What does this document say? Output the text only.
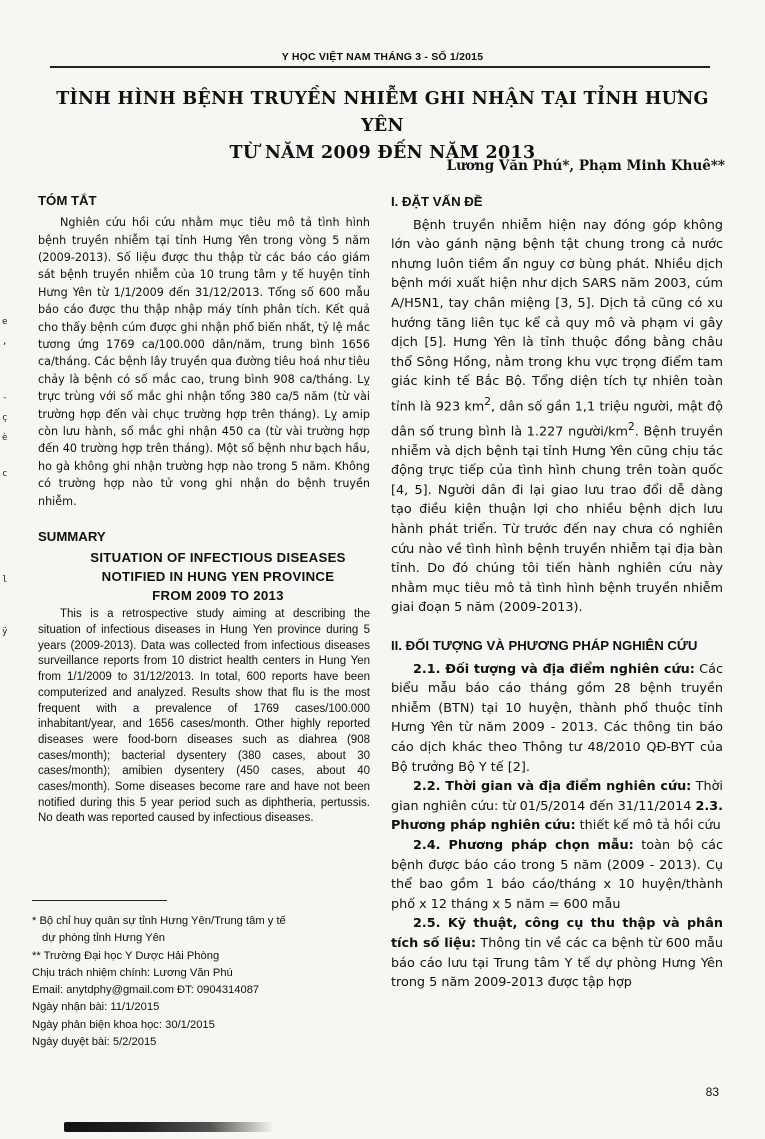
Y HỌC VIỆT NAM THÁNG 3 - SỐ 1/2015
TÌNH HÌNH BỆNH TRUYỀN NHIỄM GHI NHẬN TẠI TỈNH HƯNG YÊN
TỪ NĂM 2009 ĐẾN NĂM 2013
Lương Văn Phú*, Phạm Minh Khuê**
TÓM TẮT

Nghiên cứu hồi cứu nhằm mục tiêu mô tả tình hình bệnh truyền nhiễm tại tỉnh Hưng Yên trong vòng 5 năm (2009-2013). Số liệu được thu thập từ các báo cáo giám sát bệnh truyền nhiễm của 10 trung tâm y tế huyện tỉnh Hưng Yên từ 1/1/2009 đến 31/12/2013. Tổng số 600 mẫu báo cáo được thu thập nhập máy tính phân tích. Kết quả cho thấy bệnh cúm được ghi nhận phổ biến nhất, tỷ lệ mắc tương ứng 1769 ca/100.000 dân/năm, trung bình 1656 ca/tháng. Các bệnh lây truyền qua đường tiêu hoá như tiêu chảy là bệnh có số mắc cao, trung bình 908 ca/tháng. Lỵ trực trùng với số mắc ghi nhận tổng 380 ca/5 năm (từ vài trường hợp đến vài chục trường hợp trên tháng). Lỵ amip còn lưu hành, số mắc ghi nhận 450 ca (từ vài trường hợp đến 40 trường hợp trên tháng). Một số bệnh như bạch hầu, ho gà không ghi nhận trường hợp nào trong 5 năm. Không có trường hợp nào tử vong ghi nhận do bệnh truyền nhiễm.

SUMMARY
SITUATION OF INFECTIOUS DISEASES
NOTIFIED IN HUNG YEN PROVINCE
FROM 2009 TO 2013

This is a retrospective study aiming at describing the situation of infectious diseases in Hung Yen province during 5 years (2009-2013). Data was collected from infectious diseases surveillance reports from 10 district health centers in Hung Yen from 1/1/2009 to 31/12/2013. In total, 600 reports have been computerized and analyzed. Results show that flu is the most frequent with a prevalence of 1769 cases/100.000 inhabitant/year, and 1656 cases/month. Other highly reported diseases were food-born diseases such as diahrea (908 cases/month); bacterial dysentery (380 cases, about 30 cases/month); amibien dysentery (450 cases, about 40 cases/month). Some diseases become rare and have not been notified during this 5 year period such as diphtheria, pertussis. No death was reported caused by infectious diseases.

* Bộ chỉ huy quân sự tỉnh Hưng Yên/Trung tâm y tế
dự phòng tỉnh Hưng Yên
** Trường Đại học Y Dược Hải Phòng
Chịu trách nhiệm chính: Lương Văn Phú
Email: anytdphy@gmail.com ĐT: 0904314087
Ngày nhận bài: 11/1/2015
Ngày phản biện khoa học: 30/1/2015
Ngày duyệt bài: 5/2/2015
I. ĐẶT VẤN ĐỀ

Bệnh truyền nhiễm hiện nay đóng góp không lớn vào gánh nặng bệnh tật chung trong cả nước nhưng luôn tiềm ẩn nguy cơ bùng phát. Nhiều dịch bệnh mới xuất hiện như dịch SARS năm 2003, cúm A/H5N1, tay chân miệng [3, 5]. Dịch tả cũng có xu hướng tăng liên tục kể cả quy mô và phạm vi gây dịch [5]. Hưng Yên là tỉnh thuộc đồng bằng châu thổ Sông Hồng, nằm trong khu vực trọng điểm tam giác kinh tế Bắc Bộ. Tổng diện tích tự nhiên toàn tỉnh là 923 $km^2$, dân số gần 1,1 triệu người, mật độ dân số trung bình là 1.227 người/$km^2$. Bệnh truyền nhiễm và dịch bệnh tại tỉnh Hưng Yên cũng chịu tác động trực tiếp của tình hình chung trên toàn quốc [4, 5]. Người dân đi lại giao lưu trao đổi dễ dàng tạo điều kiện thuận lợi cho nhiều bệnh dịch lưu hành phát triển. Từ trước đến nay chưa có nghiên cứu nào về tình hình bệnh truyền nhiễm tại địa bàn tỉnh. Do đó chúng tôi tiến hành nghiên cứu này nhằm mục tiêu mô tả tình hình bệnh truyền nhiễm giai đoạn 5 năm (2009-2013).

II. ĐỐI TƯỢNG VÀ PHƯƠNG PHÁP NGHIÊN CỨU

2.1. Đối tượng và địa điểm nghiên cứu: Các biểu mẫu báo cáo tháng gồm 28 bệnh truyền nhiễm (BTN) tại 10 huyện, thành phố thuộc tỉnh Hưng Yên từ năm 2009 - 2013. Các thông tin báo cáo dịch khác theo Thông tư 48/2010 QĐ-BYT của Bộ trưởng Bộ Y tế [2].

2.2. Thời gian và địa điểm nghiên cứu: Thời gian nghiên cứu: từ 01/5/2014 đến 31/11/2014 2.3. Phương pháp nghiên cứu: thiết kế mô tả hồi cứu

2.4. Phương pháp chọn mẫu: toàn bộ các bệnh được báo cáo trong 5 năm (2009 - 2013). Cụ thể bao gồm 1 báo cáo/tháng x 10 huyện/thành phố x 12 tháng x 5 năm = 600 mẫu

2.5. Kỹ thuật, công cụ thu thập và phân tích số liệu: Thông tin về các ca bệnh từ 600 mẫu báo cáo lưu tại Trung tâm Y tế dự phòng Hưng Yên trong 5 năm 2009-2013 được tập hợp

83
e
,
-
ç
è
c
l
ÿ
